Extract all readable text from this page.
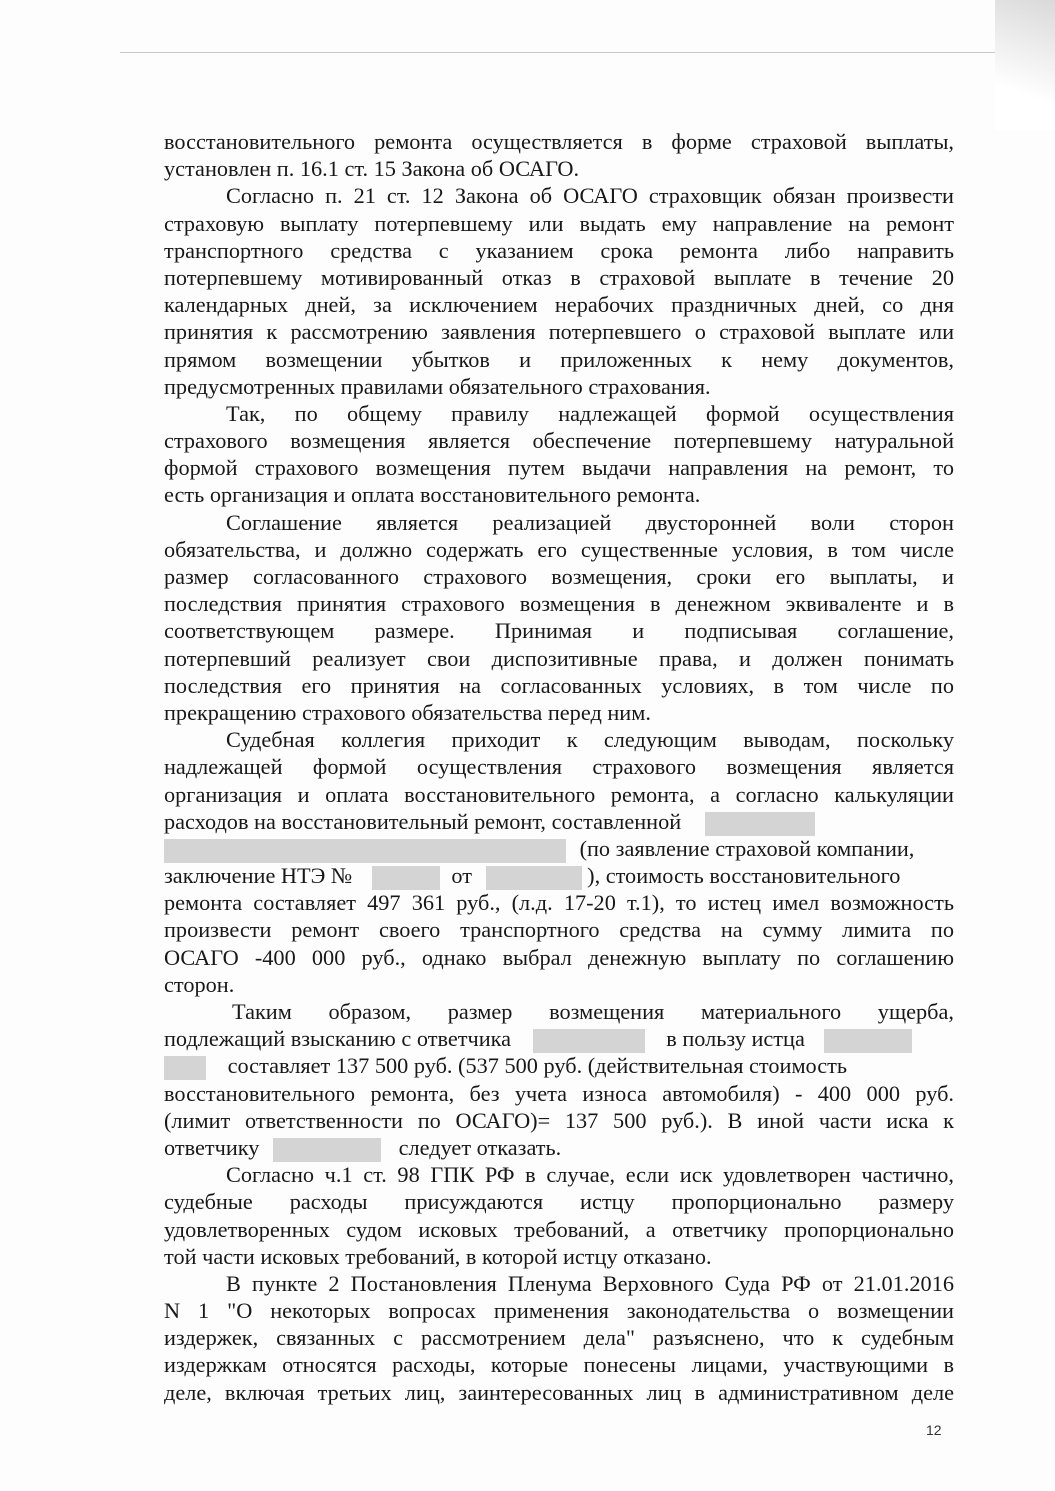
восстановительного ремонта осуществляется в форме страховой выплаты,
установлен п. 16.1 ст. 15 Закона об ОСАГО.
Согласно п. 21 ст. 12 Закона об ОСАГО страховщик обязан произвести
страховую выплату потерпевшему или выдать ему направление на ремонт
транспортного средства с указанием срока ремонта либо направить
потерпевшему мотивированный отказ в страховой выплате в течение 20
календарных дней, за исключением нерабочих праздничных дней, со дня
принятия к рассмотрению заявления потерпевшего о страховой выплате или
прямом возмещении убытков и приложенных к нему документов,
предусмотренных правилами обязательного страхования.
Так, по общему правилу надлежащей формой осуществления
страхового возмещения является обеспечение потерпевшему натуральной
формой страхового возмещения путем выдачи направления на ремонт, то
есть организация и оплата восстановительного ремонта.
Соглашение является реализацией двусторонней воли сторон
обязательства, и должно содержать его существенные условия, в том числе
размер согласованного страхового возмещения, сроки его выплаты, и
последствия принятия страхового возмещения в денежном эквиваленте и в
соответствующем размере. Принимая и подписывая соглашение,
потерпевший реализует свои диспозитивные права, и должен понимать
последствия его принятия на согласованных условиях, в том числе по
прекращению страхового обязательства перед ним.
Судебная коллегия приходит к следующим выводам, поскольку
надлежащей формой осуществления страхового возмещения является
организация и оплата восстановительного ремонта, а согласно калькуляции
расходов на восстановительный ремонт, составленной
(по заявление страховой компании,
заключение НТЭ №	от	), стоимость восстановительного
ремонта составляет 497 361 руб., (л.д. 17-20 т.1), то истец имел возможность
произвести ремонт своего транспортного средства на сумму лимита по
ОСАГО -400 000 руб., однако выбрал денежную выплату по соглашению
сторон.
Таким образом, размер возмещения материального ущерба,
подлежащий взысканию с ответчика	в пользу истца
составляет 137 500 руб. (537 500 руб. (действительная стоимость
восстановительного ремонта, без учета износа автомобиля) - 400 000 руб.
(лимит ответственности по ОСАГО)= 137 500 руб.). В иной части иска к
ответчику	следует отказать.
Согласно ч.1 ст. 98 ГПК РФ в случае, если иск удовлетворен частично,
судебные расходы присуждаются истцу пропорционально размеру
удовлетворенных судом исковых требований, а ответчику пропорционально
той части исковых требований, в которой истцу отказано.
В пункте 2 Постановления Пленума Верховного Суда РФ от 21.01.2016
N 1 "О некоторых вопросах применения законодательства о возмещении
издержек, связанных с рассмотрением дела" разъяснено, что к судебным
издержкам относятся расходы, которые понесены лицами, участвующими в
деле, включая третьих лиц, заинтересованных лиц в административном деле
12
